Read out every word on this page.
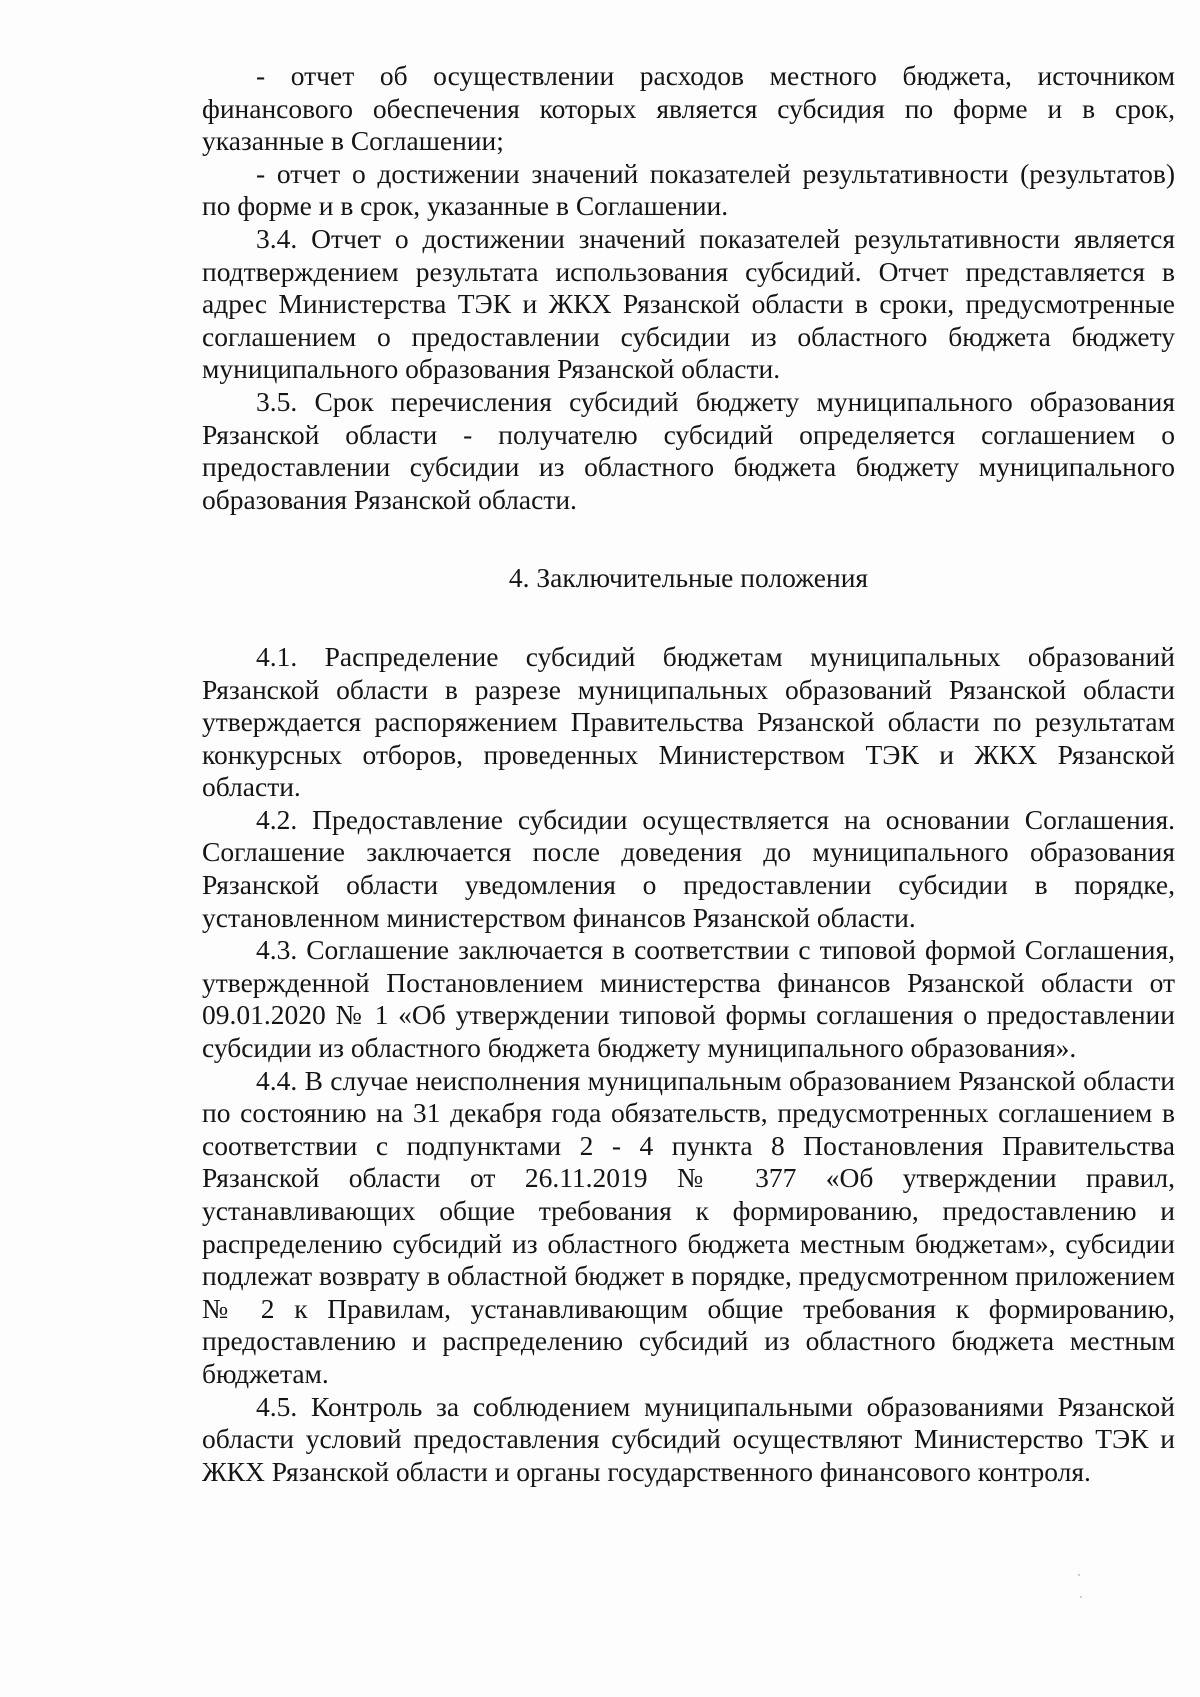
- отчет об осуществлении расходов местного бюджета, источником финансового обеспечения которых является субсидия по форме и в срок, указанные в Соглашении;

- отчет о достижении значений показателей результативности (результатов) по форме и в срок, указанные в Соглашении.

3.4. Отчет о достижении значений показателей результативности является подтверждением результата использования субсидий. Отчет представляется в адрес Министерства ТЭК и ЖКХ Рязанской области в сроки, предусмотренные соглашением о предоставлении субсидии из областного бюджета бюджету муниципального образования Рязанской области.

3.5. Срок перечисления субсидий бюджету муниципального образования Рязанской области - получателю субсидий определяется соглашением о предоставлении субсидии из областного бюджета бюджету муниципального образования Рязанской области.

4. Заключительные положения

4.1. Распределение субсидий бюджетам муниципальных образований Рязанской области в разрезе муниципальных образований Рязанской области утверждается распоряжением Правительства Рязанской области по результатам конкурсных отборов, проведенных Министерством ТЭК и ЖКХ Рязанской области.

4.2. Предоставление субсидии осуществляется на основании Соглашения. Соглашение заключается после доведения до муниципального образования Рязанской области уведомления о предоставлении субсидии в порядке, установленном министерством финансов Рязанской области.

4.3. Соглашение заключается в соответствии с типовой формой Соглашения, утвержденной Постановлением министерства финансов Рязанской области от 09.01.2020 № 1 «Об утверждении типовой формы соглашения о предоставлении субсидии из областного бюджета бюджету муниципального образования».

4.4. В случае неисполнения муниципальным образованием Рязанской области по состоянию на 31 декабря года обязательств, предусмотренных соглашением в соответствии с подпунктами 2 - 4 пункта 8 Постановления Правительства Рязанской области от 26.11.2019 № 377 «Об утверждении правил, устанавливающих общие требования к формированию, предоставлению и распределению субсидий из областного бюджета местным бюджетам», субсидии подлежат возврату в областной бюджет в порядке, предусмотренном приложением № 2 к Правилам, устанавливающим общие требования к формированию, предоставлению и распределению субсидий из областного бюджета местным бюджетам.

4.5. Контроль за соблюдением муниципальными образованиями Рязанской области условий предоставления субсидий осуществляют Министерство ТЭК и ЖКХ Рязанской области и органы государственного финансового контроля.
